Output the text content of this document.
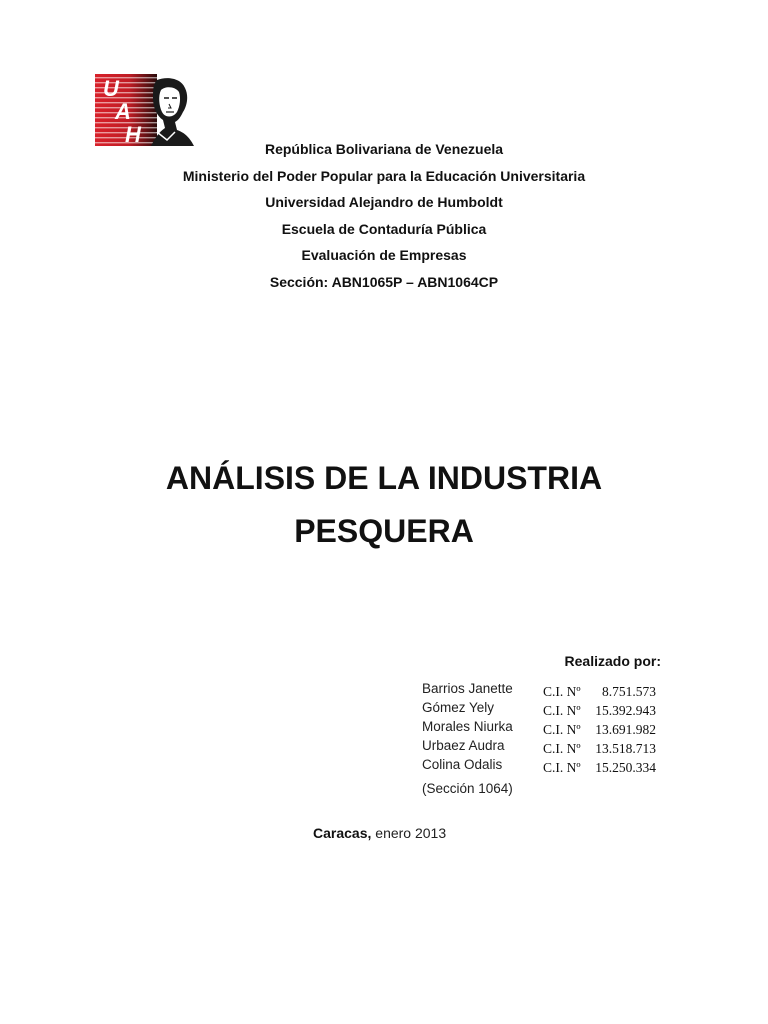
U
A
H
República Bolivariana de Venezuela
Ministerio del Poder Popular para la Educación Universitaria
Universidad Alejandro de Humboldt
Escuela de Contaduría Pública
Evaluación de Empresas
Sección: ABN1065P – ABN1064CP
ANÁLISIS DE LA INDUSTRIA
PESQUERA
Realizado por:
Barrios Janette C.I. Nº 8.751.573
Gómez Yely	C.I. Nº 15.392.943
Morales Niurka C.I. Nº 13.691.982
Urbaez Audra	C.I. Nº 13.518.713
Colina Odalis	C.I. Nº 15.250.334
(Sección 1064)
Caracas, enero 2013
